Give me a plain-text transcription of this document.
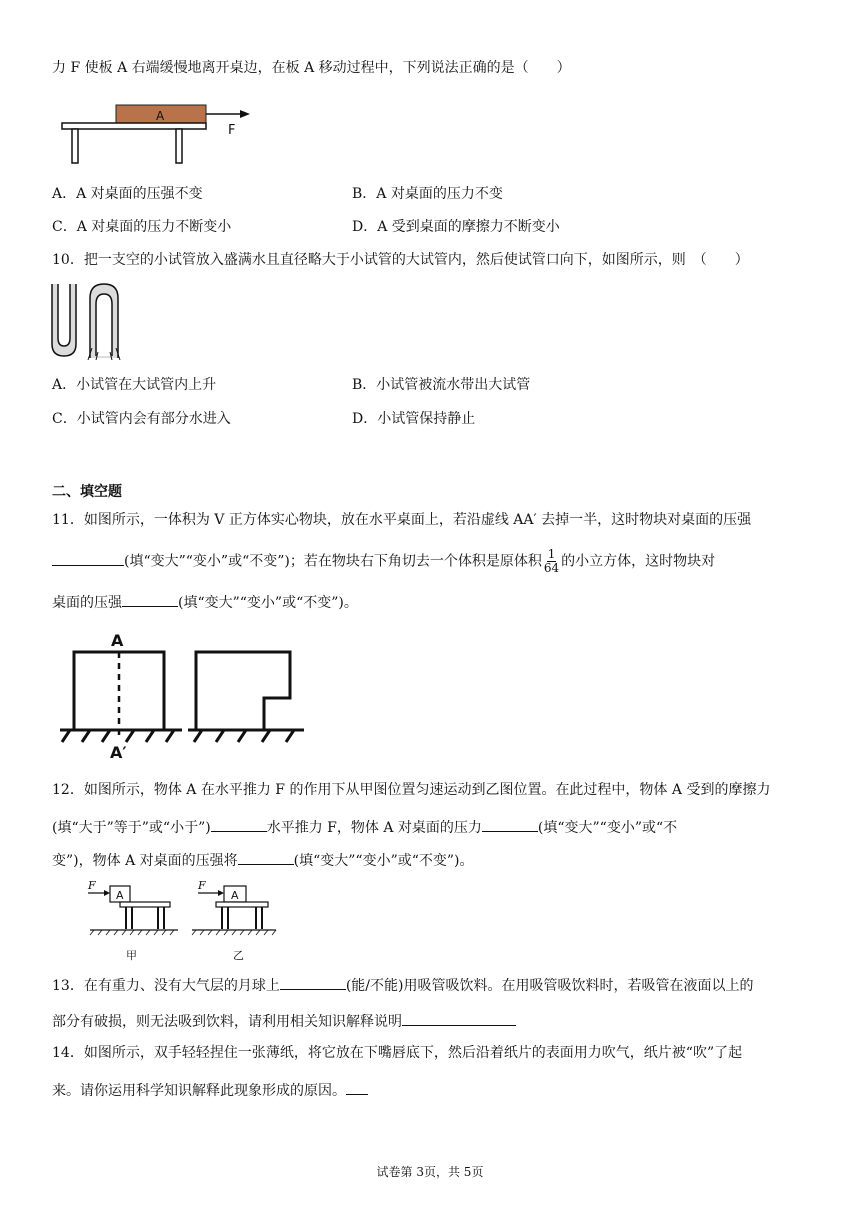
力 F 使板 A 右端缓慢地离开桌边，在板 A 移动过程中，下列说法正确的是（　　）
A
F
A．A 对桌面的压强不变	B．A 对桌面的压力不变
C．A 对桌面的压力不断变小	D．A 受到桌面的摩擦力不断变小
10．把一支空的小试管放入盛满水且直径略大于小试管的大试管内，然后使试管口向下，如图所示，则　（　　）
A．小试管在大试管内上升	B．小试管被流水带出大试管
C．小试管内会有部分水进入	D．小试管保持静止
二、填空题
11．如图所示，一体积为 V 正方体实心物块，放在水平桌面上，若沿虚线 AA′ 去掉一半，这时物块对桌面的压强
(填“变大”“变小”或“不变”)；若在物块右下角切去一个体积是原体积 $\frac{1}{64}$ 的小立方体，这时物块对
桌面的压强	(填“变大”“变小”或“不变”)。
A
A′
12．如图所示，物体 A 在水平推力 F 的作用下从甲图位置匀速运动到乙图位置。在此过程中，物体 A 受到的摩擦力
(填“大于”等于”或“小于”)	水平推力 F，物体 A 对桌面的压力	(填“变大”“变小”或“不
变”)，物体 A 对桌面的压强将	(填“变大”“变小”或“不变”)。
F
A
甲
F
A
乙
13．在有重力、没有大气层的月球上	(能/不能)用吸管吸饮料。在用吸管吸饮料时，若吸管在液面以上的
部分有破损，则无法吸到饮料，请利用相关知识解释说明
14．如图所示，双手轻轻捏住一张薄纸，将它放在下嘴唇底下，然后沿着纸片的表面用力吹气，纸片被“吹”了起
来。请你运用科学知识解释此现象形成的原因。
试卷第 3页，共 5页
